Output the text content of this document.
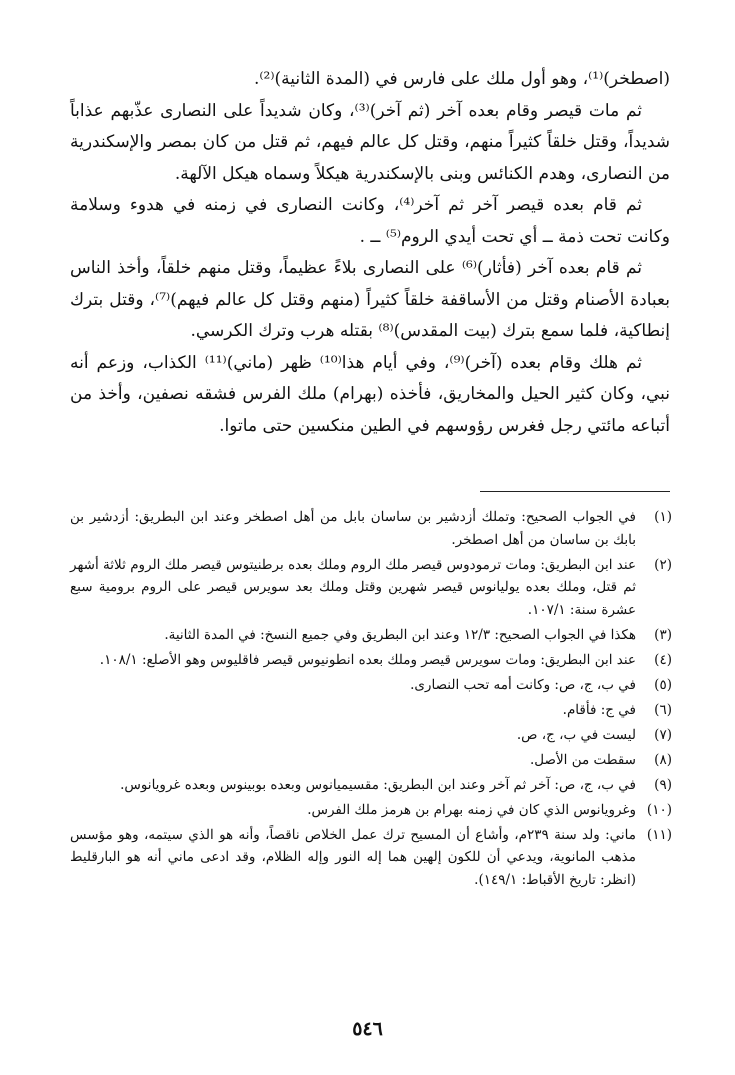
(اصطخر)⁽¹⁾، وهو أول ملك على فارس في (المدة الثانية)⁽²⁾.

ثم مات قيصر وقام بعده آخر (ثم آخر)⁽³⁾، وكان شديداً على النصارى عذّبهم عذاباً شديداً، وقتل خلقاً كثيراً منهم، وقتل كل عالم فيهم، ثم قتل من كان بمصر والإسكندرية من النصارى، وهدم الكنائس وبنى بالإسكندرية هيكلاً وسماه هيكل الآلهة.

ثم قام بعده قيصر آخر ثم آخر⁽⁴⁾، وكانت النصارى في زمنه في هدوء وسلامة وكانت تحت ذمة ــ أي تحت أيدي الروم⁽⁵⁾ ــ .

ثم قام بعده آخر (فأثار)⁽⁶⁾ على النصارى بلاءً عظيماً، وقتل منهم خلقاً، وأخذ الناس بعبادة الأصنام وقتل من الأساقفة خلقاً كثيراً (منهم وقتل كل عالم فيهم)⁽⁷⁾، وقتل بترك إنطاكية، فلما سمع بترك (بيت المقدس)⁽⁸⁾ بقتله هرب وترك الكرسي.

ثم هلك وقام بعده (آخر)⁽⁹⁾، وفي أيام هذا⁽¹⁰⁾ ظهر (ماني)⁽¹¹⁾ الكذاب، وزعم أنه نبي، وكان كثير الحيل والمخاريق، فأخذه (بهرام) ملك الفرس فشقه نصفين، وأخذ من أتباعه مائتي رجل فغرس رؤوسهم في الطين منكسين حتى ماتوا.

(١)
في الجواب الصحيح: وتملك أزدشير بن ساسان بابل من أهل اصطخر وعند ابن البطريق: أزدشير بن بابك بن ساسان من أهل اصطخر.
(٢)
عند ابن البطريق: ومات ترمودوس قيصر ملك الروم وملك بعده برطنيتوس قيصر ملك الروم ثلاثة أشهر ثم قتل، وملك بعده يوليانوس قيصر شهرين وقتل وملك بعد سويرس قيصر على الروم برومية سبع عشرة سنة: ١٠٧/١.
(٣)
هكذا في الجواب الصحيح: ١٢/٣ وعند ابن البطريق وفي جميع النسخ: في المدة الثانية.
(٤)
عند ابن البطريق: ومات سويرس قيصر وملك بعده انطونيوس قيصر فاقليوس وهو الأصلع: ١٠٨/١.
(٥)
في ب، ج، ص: وكانت أمه تحب النصارى.
(٦)
في ج: فأقام.
(٧)
ليست في ب، ج، ص.
(٨)
سقطت من الأصل.
(٩)
في ب، ج، ص: آخر ثم آخر وعند ابن البطريق: مقسيميانوس وبعده بوبينوس وبعده غرويانوس.
(١٠)
وغرويانوس الذي كان في زمنه بهرام بن هرمز ملك الفرس.
(١١)
ماني: ولد سنة ٢٣٩م، وأشاع أن المسيح ترك عمل الخلاص ناقصاً، وأنه هو الذي سيتمه، وهو مؤسس مذهب المانوية، ويدعي أن للكون إلهين هما إله النور وإله الظلام، وقد ادعى ماني أنه هو البارقليط (انظر: تاريخ الأقباط: ١٤٩/١).
٥٤٦
